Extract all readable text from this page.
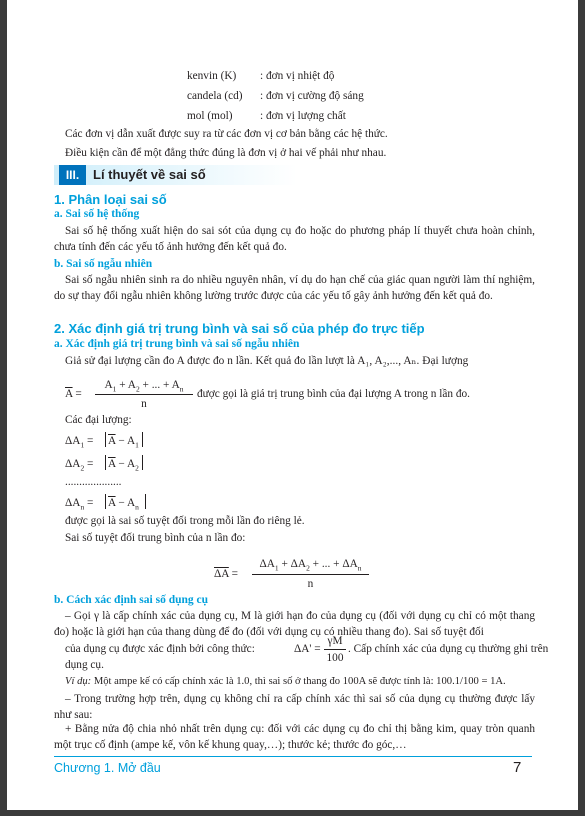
kenvin (K) : đơn vị nhiệt độ
candela (cd) : đơn vị cường độ sáng
mol (mol) : đơn vị lượng chất
Các đơn vị dẫn xuất được suy ra từ các đơn vị cơ bản bằng các hệ thức.
Điều kiện cần để một đẳng thức đúng là đơn vị ở hai vế phải như nhau.
III.	Lí thuyết về sai số
1. Phân loại sai số
a. Sai số hệ thống
Sai số hệ thống xuất hiện do sai sót của dụng cụ đo hoặc do phương pháp lí thuyết chưa hoàn chỉnh, chưa tính đến các yếu tố ảnh hưởng đến kết quả đo.
b. Sai số ngẫu nhiên
Sai số ngẫu nhiên sinh ra do nhiều nguyên nhân, ví dụ do hạn chế của giác quan người làm thí nghiệm, do sự thay đổi ngẫu nhiên không lường trước được của các yếu tố gây ảnh hưởng đến kết quả đo.
2. Xác định giá trị trung bình và sai số của phép đo trực tiếp
a. Xác định giá trị trung bình và sai số ngẫu nhiên
Giả sử đại lượng cần đo A được đo n lần. Kết quả đo lần lượt là A₁, A₂,..., Aₙ. Đại lượng
$\overline{A}$ =
$A_1 + A_2$ + ... + $A_n$
n
được gọi là giá trị trung bình của đại lượng A trong n lần đo.
Các đại lượng:
$\Delta A_1 = \overline{A} - A_1$
$\Delta A_2 = \overline{A} - A_2$
....................
$\Delta A_n = \overline{A} - A_n$
được gọi là sai số tuyệt đối trong mỗi lần đo riêng lẻ.
Sai số tuyệt đối trung bình của n lần đo:
$\overline{\Delta A}$ =
$\Delta A_1 + \Delta A_2$ + ... + $\Delta A_n$
n
b. Cách xác định sai số dụng cụ
– Gọi γ là cấp chính xác của dụng cụ, M là giới hạn đo của dụng cụ (đối với dụng cụ chỉ có một thang đo) hoặc là giới hạn của thang dùng để đo (đối với dụng cụ có nhiều thang đo). Sai số tuyệt đối
của dụng cụ được xác định bởi công thức:	ΔA' =
γM
100
. Cấp chính xác của dụng cụ thường ghi trên
dụng cụ.
Ví dụ: Một ampe kế có cấp chính xác là 1.0, thì sai số ở thang đo 100A sẽ được tính là: 100.1/100 = 1A.
– Trong trường hợp trên, dụng cụ không chỉ ra cấp chính xác thì sai số của dụng cụ thường được lấy như sau:
+ Bằng nửa độ chia nhỏ nhất trên dụng cụ: đối với các dụng cụ đo chỉ thị bằng kim, quay tròn quanh một trục cố định (ampe kế, vôn kế khung quay,…); thước kẻ; thước đo góc,…
Chương 1. Mở đầu	7
